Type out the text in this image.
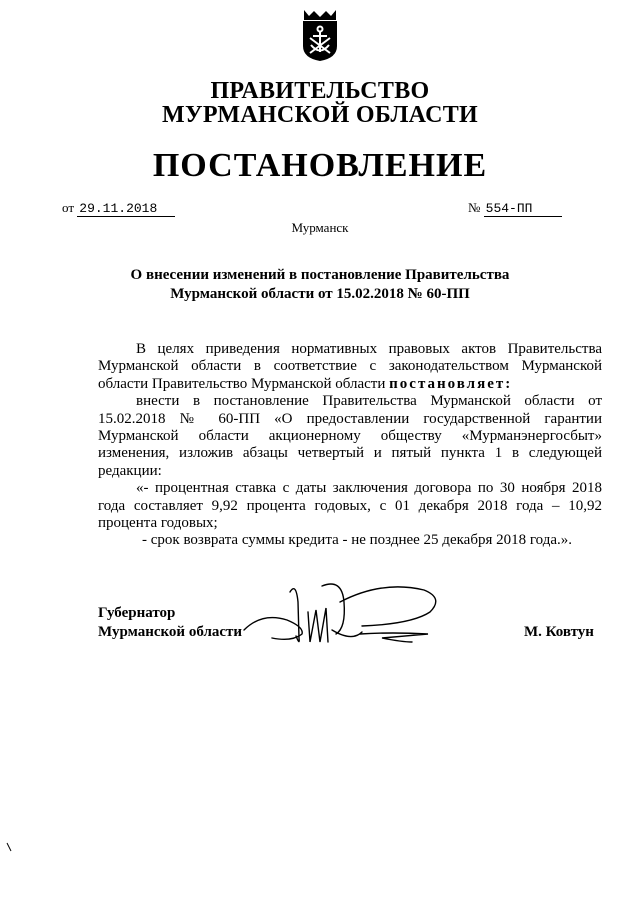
ПРАВИТЕЛЬСТВО
МУРМАНСКОЙ ОБЛАСТИ
ПОСТАНОВЛЕНИЕ
от 29.11.2018	№ 554-ПП
Мурманск
О внесении изменений в постановление Правительства
Мурманской области от 15.02.2018 № 60-ПП

В целях приведения нормативных правовых актов Правительства Мурманской области в соответствие с законодательством Мурманской области Правительство Мурманской области постановляет:

внести в постановление Правительства Мурманской области от 15.02.2018 № 60-ПП «О предоставлении государственной гарантии Мурманской области акционерному обществу «Мурманэнергосбыт» изменения, изложив абзацы четвертый и пятый пункта 1 в следующей редакции:

«- процентная ставка с даты заключения договора по 30 ноября 2018 года составляет 9,92 процента годовых, с 01 декабря 2018 года – 10,92 процента годовых;

- срок возврата суммы кредита - не позднее 25 декабря 2018 года.».

Губернатор
Мурманской области	М. Ковтун
